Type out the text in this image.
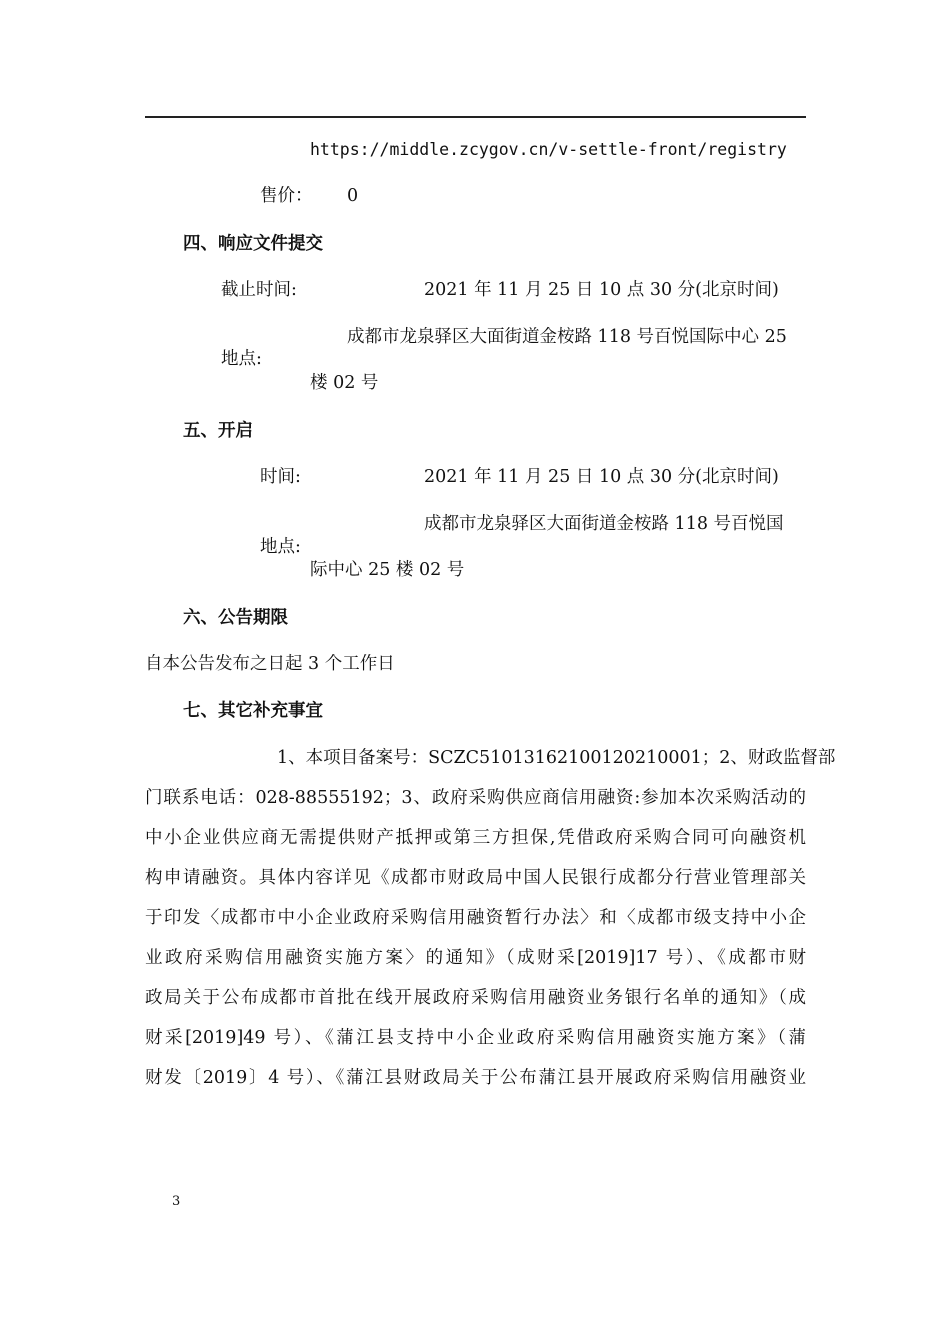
https://middle.zcygov.cn/v-settle-front/registry
售价： 0
四、响应文件提交
截止时间:	2021 年 11 月 25 日 10 点 30 分(北京时间)
成都市龙泉驿区大面街道金桉路 118 号百悦国际中心 25
地点:
楼 02 号
五、开启
时间:	2021 年 11 月 25 日 10 点 30 分(北京时间)
成都市龙泉驿区大面街道金桉路 118 号百悦国
地点:
际中心 25 楼 02 号
六、公告期限
自本公告发布之日起 3 个工作日
七、其它补充事宜
1、本项目备案号：SCZC51013162100120210001；2、财政监督部
门联系电话：028-88555192；3、政府采购供应商信用融资:参加本次采购活动的
中小企业供应商无需提供财产抵押或第三方担保,凭借政府采购合同可向融资机
构申请融资。具体内容详见《成都市财政局中国人民银行成都分行营业管理部关
于印发〈成都市中小企业政府采购信用融资暂行办法〉和〈成都市级支持中小企
业政府采购信用融资实施方案〉的通知》（成财采[2019]17 号）、《成都市财
政局关于公布成都市首批在线开展政府采购信用融资业务银行名单的通知》（成
财采[2019]49 号）、《蒲江县支持中小企业政府采购信用融资实施方案》（蒲
财发〔2019〕4 号）、《蒲江县财政局关于公布蒲江县开展政府采购信用融资业
3
